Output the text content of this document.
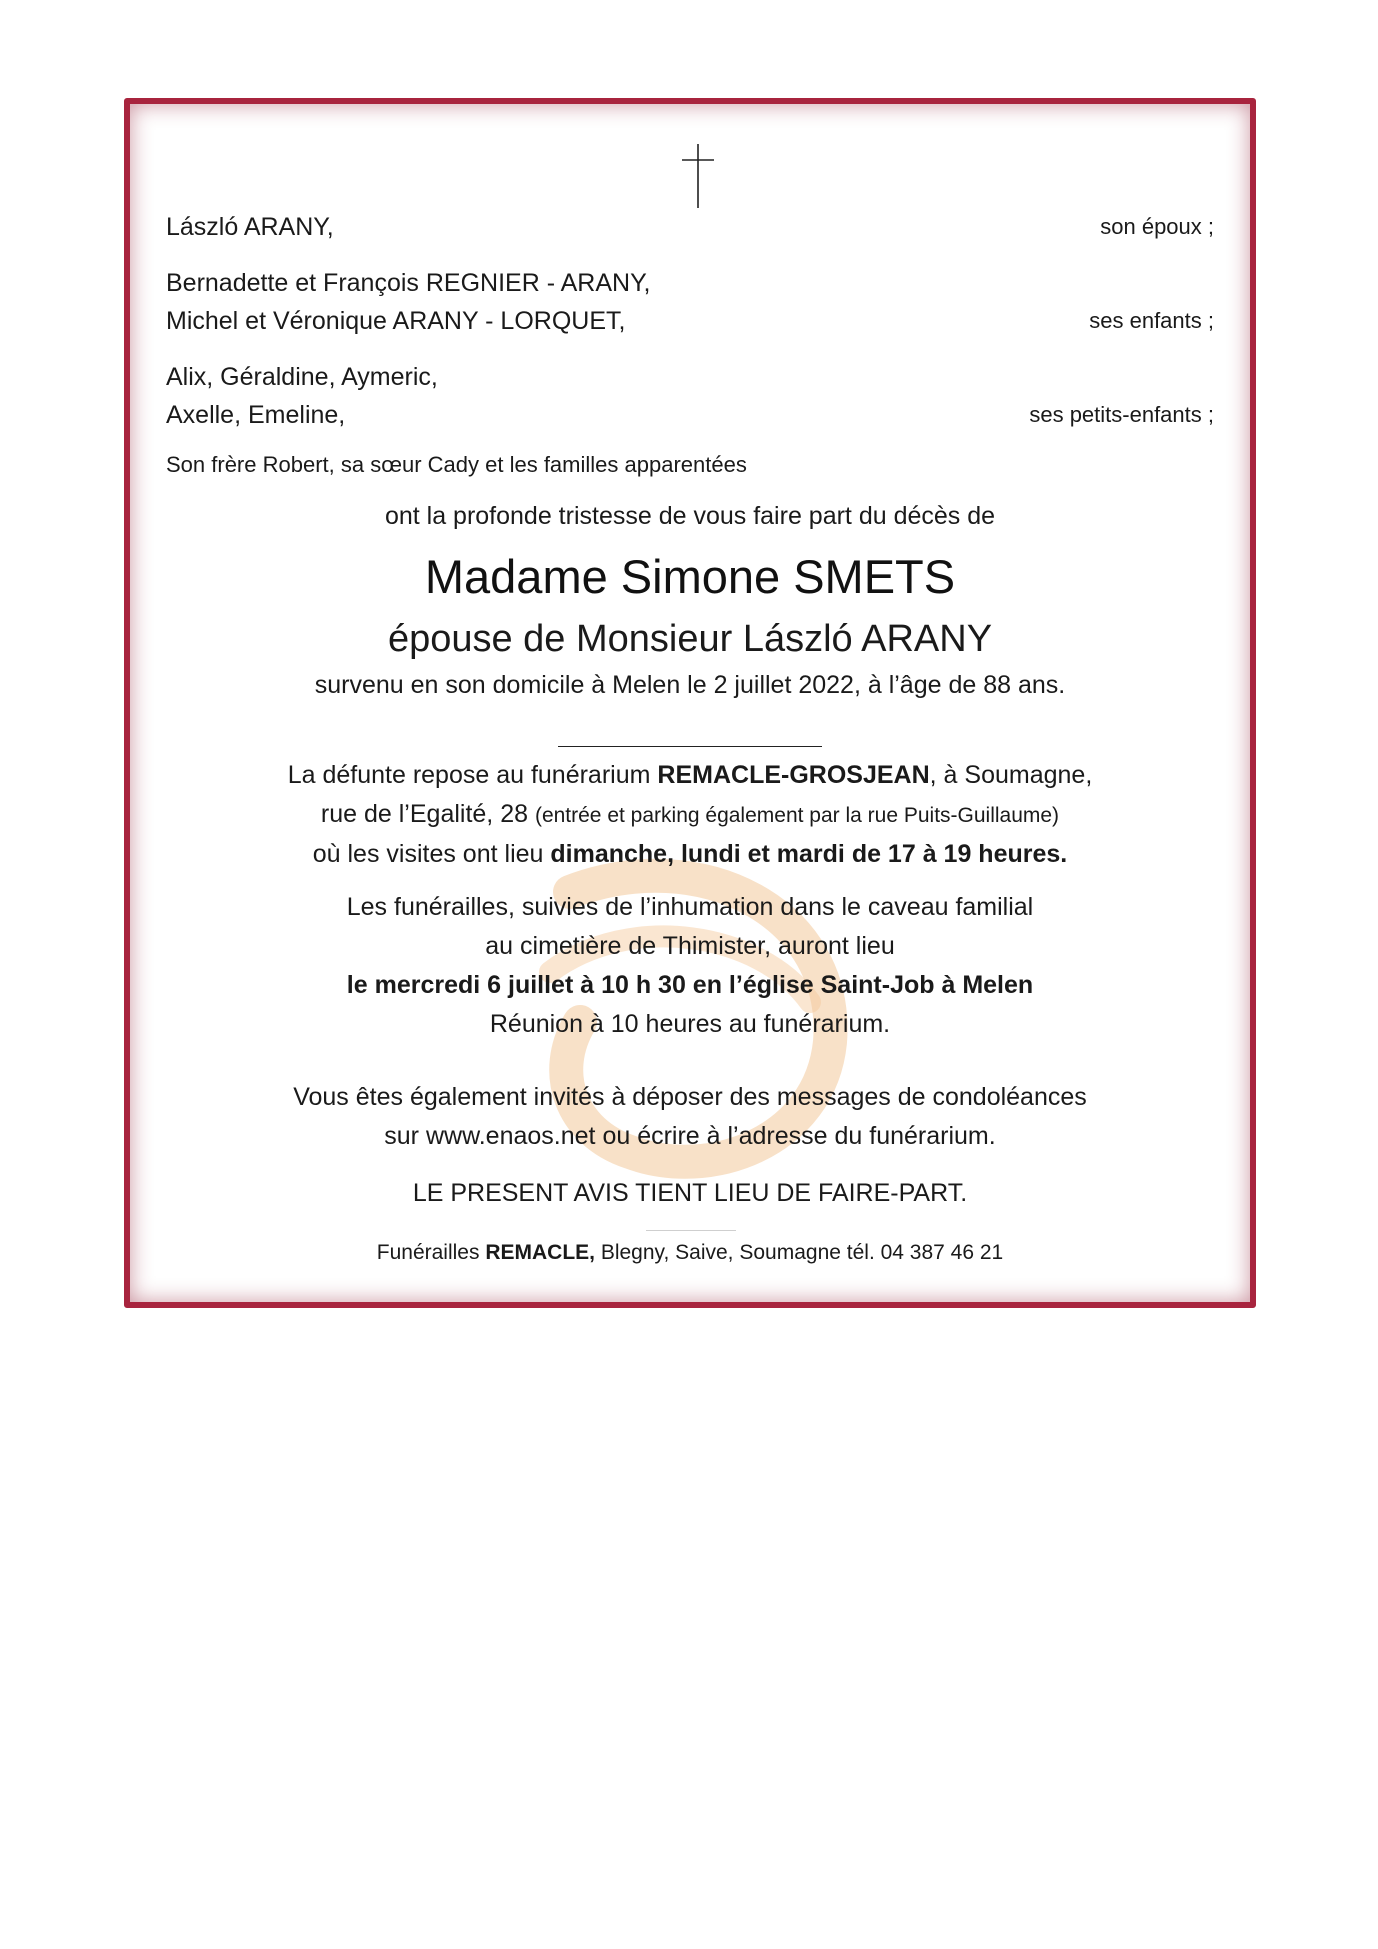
László ARANY,	son époux ;
Bernadette et François REGNIER - ARANY,
Michel et Véronique ARANY - LORQUET,	ses enfants ;
Alix, Géraldine, Aymeric,
Axelle, Emeline,	ses petits-enfants ;
Son frère Robert, sa sœur Cady et les familles apparentées
ont la profonde tristesse de vous faire part du décès de
Madame Simone SMETS
épouse de Monsieur László ARANY
survenu en son domicile à Melen le 2 juillet 2022, à l’âge de 88 ans.
La défunte repose au funérarium REMACLE-GROSJEAN, à Soumagne,
rue de l’Egalité, 28 (entrée et parking également par la rue Puits-Guillaume)
où les visites ont lieu dimanche, lundi et mardi de 17 à 19 heures.
Les funérailles, suivies de l’inhumation dans le caveau familial
au cimetière de Thimister, auront lieu
le mercredi 6 juillet à 10 h 30 en l’église Saint-Job à Melen
Réunion à 10 heures au funérarium.
Vous êtes également invités à déposer des messages de condoléances
sur www.enaos.net ou écrire à l’adresse du funérarium.
LE PRESENT AVIS TIENT LIEU DE FAIRE-PART.
Funérailles REMACLE, Blegny, Saive, Soumagne tél. 04 387 46 21
